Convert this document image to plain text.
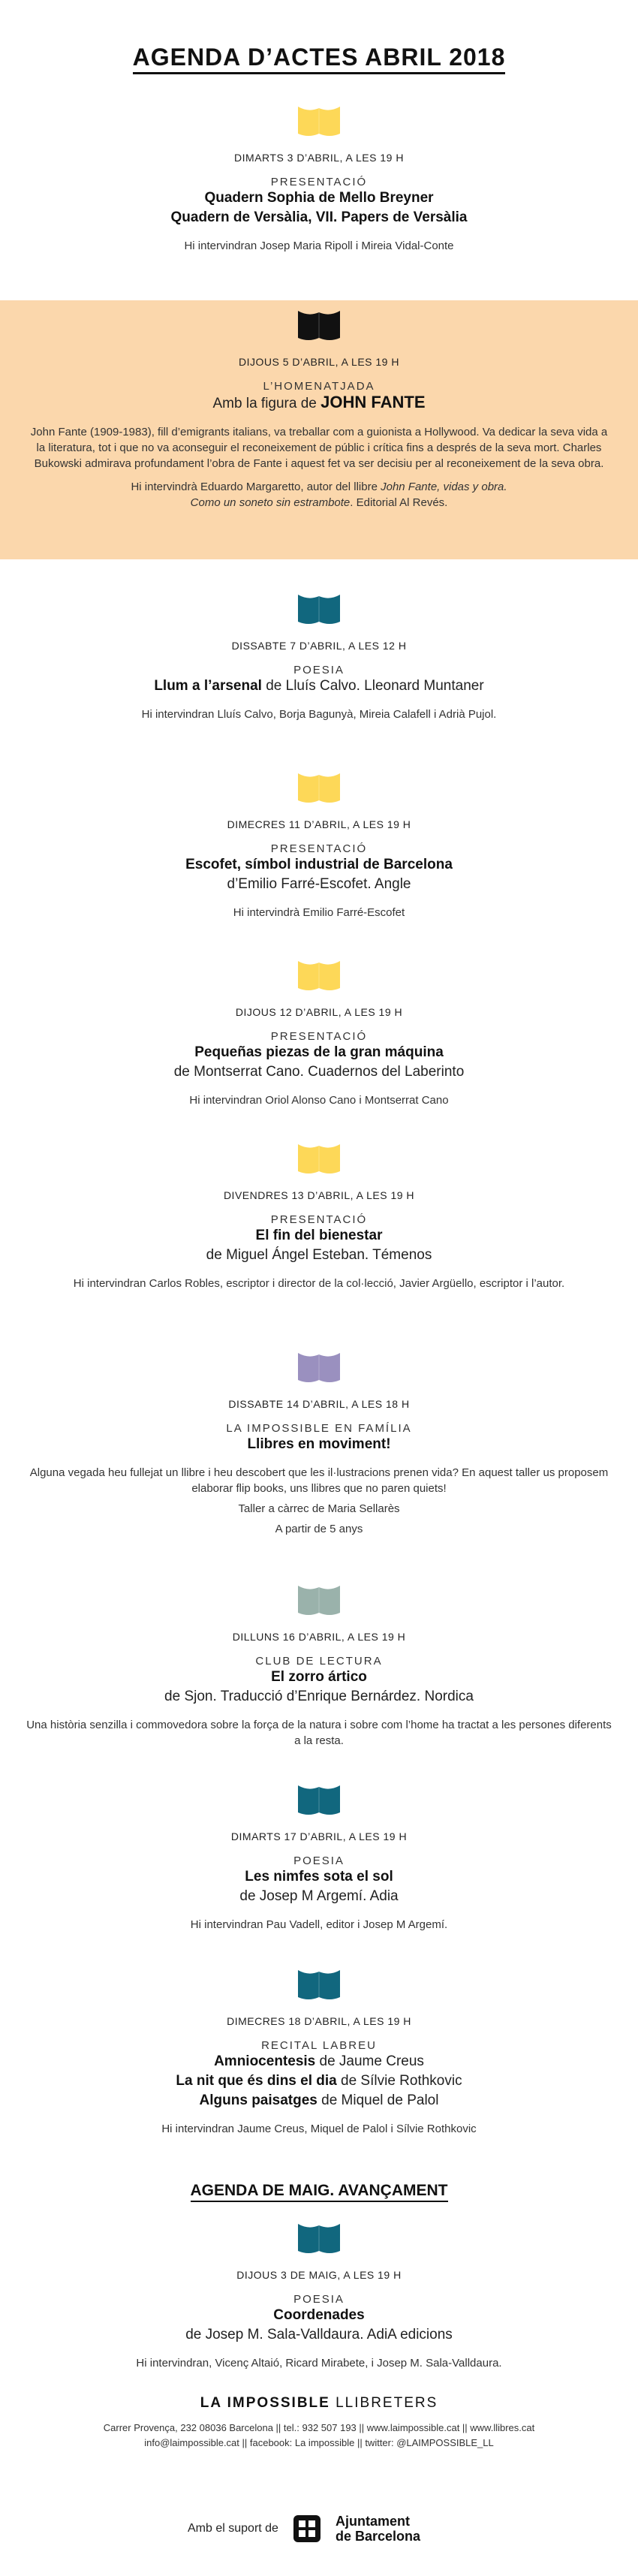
AGENDA D’ACTES ABRIL 2018
DIMARTS 3 D’ABRIL, A LES 19 H
PRESENTACIÓ
Quadern Sophia de Mello Breyner
Quadern de Versàlia, VII. Papers de Versàlia
Hi intervindran Josep Maria Ripoll i Mireia Vidal-Conte
DIJOUS 5 D’ABRIL, A LES 19 H
L’HOMENATJADA
Amb la figura de JOHN FANTE
John Fante (1909-1983), fill d’emigrants italians, va treballar com a guionista a Hollywood. Va dedicar la seva vida a la literatura, tot i que no va aconseguir el reconeixement de públic i crítica fins a després de la seva mort. Charles Bukowski admirava profundament l’obra de Fante i aquest fet va ser decisiu per al reconeixement de la seva obra.
Hi intervindrà Eduardo Margaretto, autor del llibre John Fante, vidas y obra.
Como un soneto sin estrambote. Editorial Al Revés.
DISSABTE 7 D’ABRIL, A LES 12 H
POESIA
Llum a l’arsenal de Lluís Calvo. Lleonard Muntaner
Hi intervindran Lluís Calvo, Borja Bagunyà, Mireia Calafell i Adrià Pujol.
DIMECRES 11 D’ABRIL, A LES 19 H
PRESENTACIÓ
Escofet, símbol industrial de Barcelona
d’Emilio Farré-Escofet. Angle
Hi intervindrà Emilio Farré-Escofet
DIJOUS 12 D’ABRIL, A LES 19 H
PRESENTACIÓ
Pequeñas piezas de la gran máquina
de Montserrat Cano. Cuadernos del Laberinto
Hi intervindran Oriol Alonso Cano i Montserrat Cano
DIVENDRES 13 D’ABRIL, A LES 19 H
PRESENTACIÓ
El fin del bienestar
de Miguel Ángel Esteban. Témenos
Hi intervindran Carlos Robles, escriptor i director de la col·lecció, Javier Argüello, escriptor i l’autor.
DISSABTE 14 D’ABRIL, A LES 18 H
LA IMPOSSIBLE EN FAMÍLIA
Llibres en moviment!
Alguna vegada heu fullejat un llibre i heu descobert que les il·lustracions prenen vida? En aquest taller us proposem elaborar flip books, uns llibres que no paren quiets!
Taller a càrrec de Maria Sellarès
A partir de 5 anys
DILLUNS 16 D’ABRIL, A LES 19 H
CLUB DE LECTURA
El zorro ártico
de Sjon. Traducció d’Enrique Bernárdez. Nordica
Una història senzilla i commovedora sobre la força de la natura i sobre com l’home ha tractat a les persones diferents a la resta.
DIMARTS 17 D’ABRIL, A LES 19 H
POESIA
Les nimfes sota el sol
de Josep M Argemí. Adia
Hi intervindran Pau Vadell, editor i Josep M Argemí.
DIMECRES 18 D’ABRIL, A LES 19 H
RECITAL LABREU
Amniocentesis de Jaume Creus
La nit que és dins el dia de Sílvie Rothkovic
Alguns paisatges de Miquel de Palol
Hi intervindran Jaume Creus, Miquel de Palol i Sílvie Rothkovic
DIJOUS 3 DE MAIG, A LES 19 H
POESIA
Coordenades
de Josep M. Sala-Valldaura. AdiA edicions
Hi intervindran, Vicenç Altaió, Ricard Mirabete, i Josep M. Sala-Valldaura.
AGENDA DE MAIG. AVANÇAMENT
LA IMPOSSIBLE LLIBRETERS
Carrer Provença, 232 08036 Barcelona || tel.: 932 507 193 || www.laimpossible.cat || www.llibres.cat
info@laimpossible.cat || facebook: La impossible || twitter: @LAIMPOSSIBLE_LL
Amb el suport de	Ajuntament
de Barcelona
